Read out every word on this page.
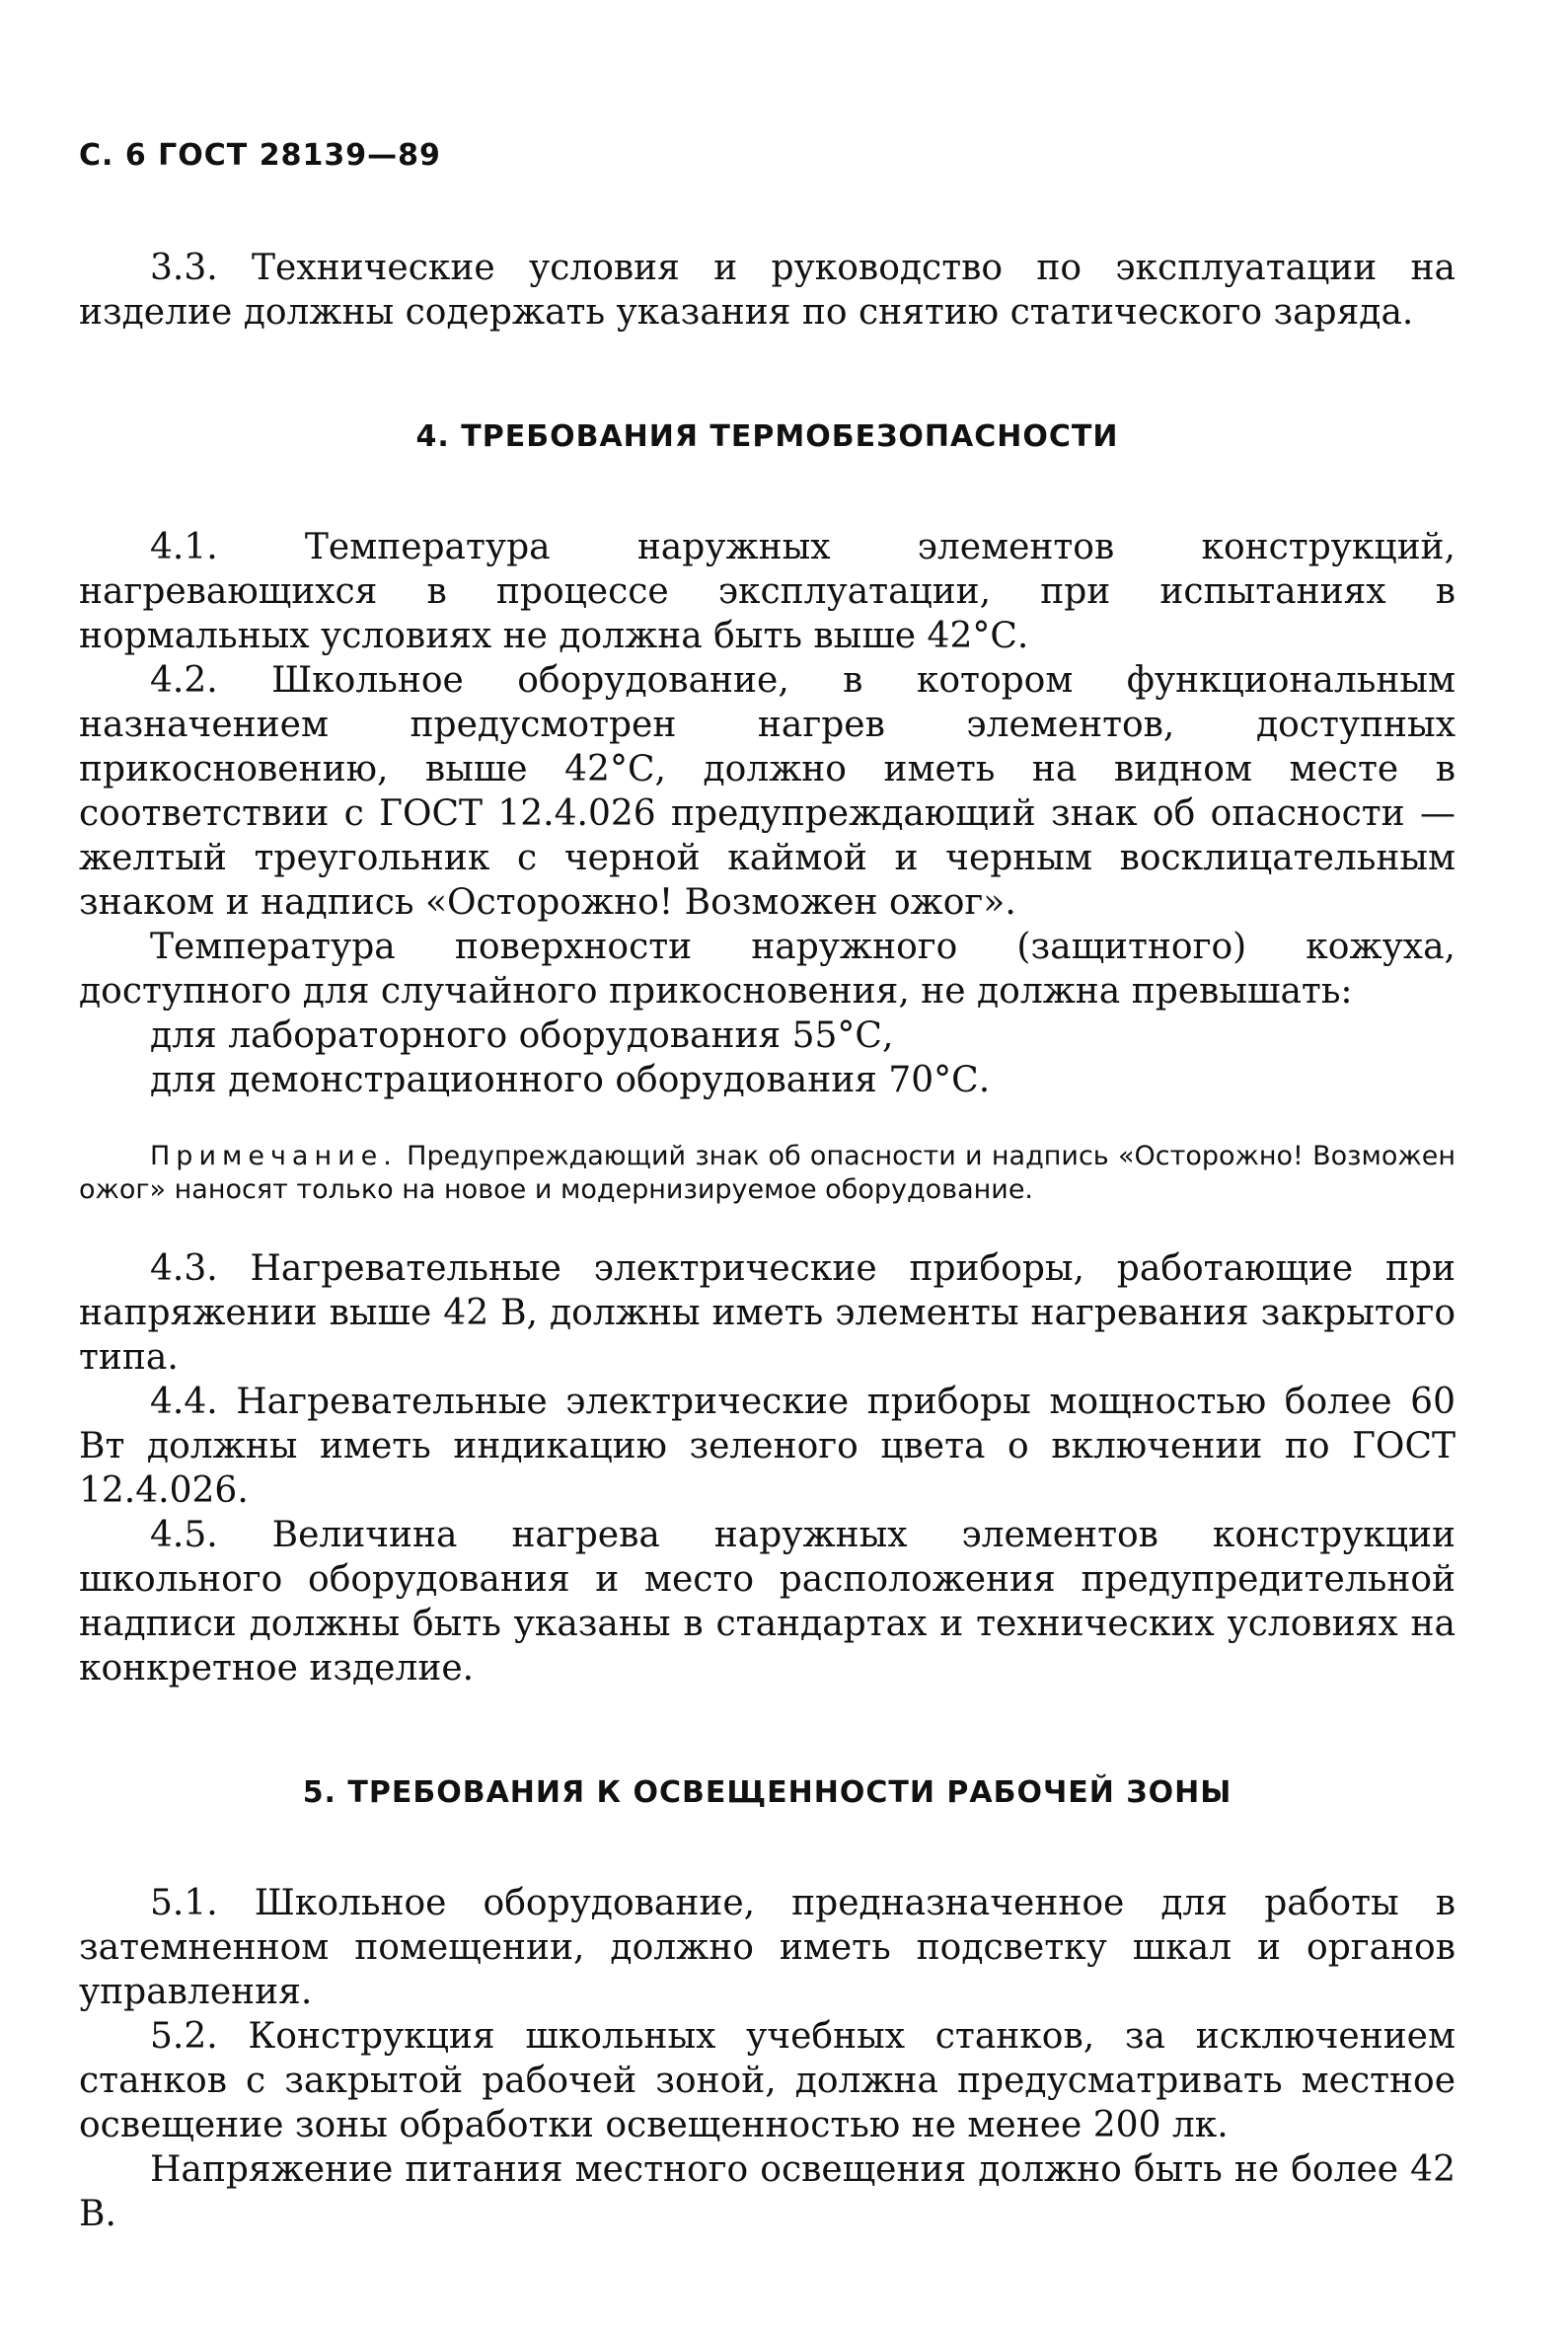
С. 6 ГОСТ 28139—89

3.3. Технические условия и руководство по эксплуатации на изделие должны содержать указания по снятию статического заряда.

4. ТРЕБОВАНИЯ ТЕРМОБЕЗОПАСНОСТИ

4.1. Температура наружных элементов конструкций, нагревающихся в процессе эксплуатации, при испытаниях в нормальных условиях не должна быть выше 42°С.

4.2. Школьное оборудование, в котором функциональным назначением предусмотрен нагрев элементов, доступных прикосновению, выше 42°С, должно иметь на видном месте в соответствии с ГОСТ 12.4.026 предупреждающий знак об опасности — желтый треугольник с черной каймой и черным восклицательным знаком и надпись «Осторожно! Возможен ожог».

Температура поверхности наружного (защитного) кожуха, доступного для случайного прикосновения, не должна превышать:

для лабораторного оборудования 55°С,

для демонстрационного оборудования 70°С.

Примечание. Предупреждающий знак об опасности и надпись «Осторожно! Возможен ожог» наносят только на новое и модернизируемое оборудование.

4.3. Нагревательные электрические приборы, работающие при напряжении выше 42 В, должны иметь элементы нагревания закрытого типа.

4.4. Нагревательные электрические приборы мощностью более 60 Вт должны иметь индикацию зеленого цвета о включении по ГОСТ 12.4.026.

4.5. Величина нагрева наружных элементов конструкции школьного оборудования и место расположения предупредительной надписи должны быть указаны в стандартах и технических условиях на конкретное изделие.

5. ТРЕБОВАНИЯ К ОСВЕЩЕННОСТИ РАБОЧЕЙ ЗОНЫ

5.1. Школьное оборудование, предназначенное для работы в затемненном помещении, должно иметь подсветку шкал и органов управления.

5.2. Конструкция школьных учебных станков, за исключением станков с закрытой рабочей зоной, должна предусматривать местное освещение зоны обработки освещенностью не менее 200 лк.

Напряжение питания местного освещения должно быть не более 42 В.
